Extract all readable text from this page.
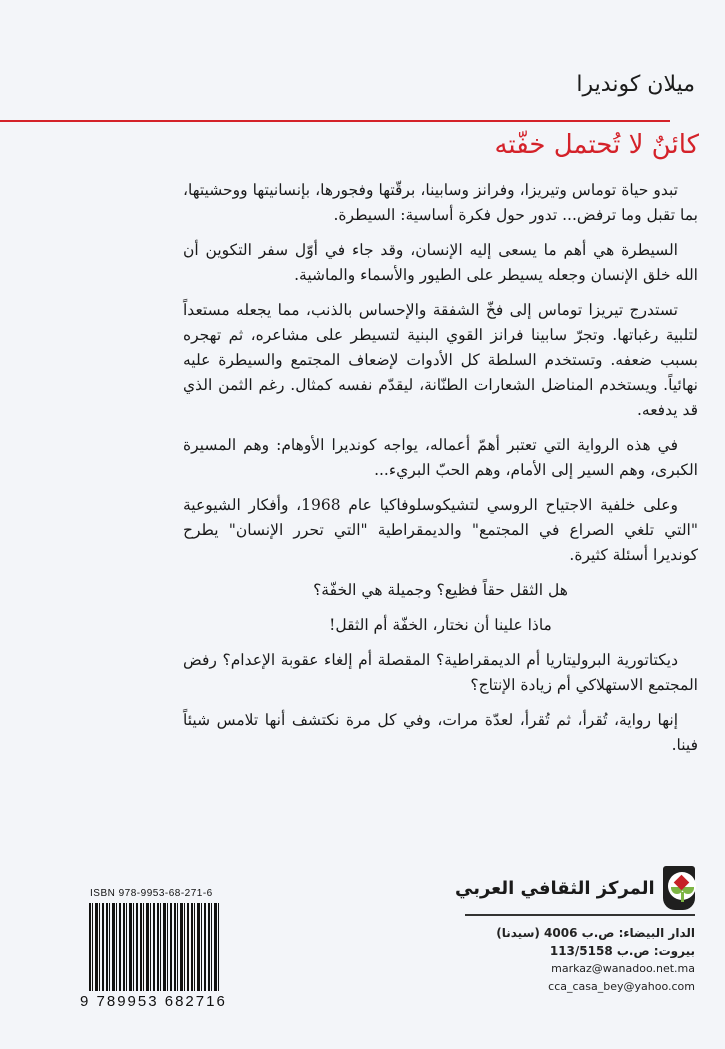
ميلان كونديرا
كائنٌ لا تُحتمل خفّته

تبدو حياة توماس وتيريزا، وفرانز وسابينا، برقّتها وفجورها، بإنسانيتها ووحشيتها، بما تقبل وما ترفض... تدور حول فكرة أساسية: السيطرة.

السيطرة هي أهم ما يسعى إليه الإنسان، وقد جاء في أوّل سفر التكوين أن الله خلق الإنسان وجعله يسيطر على الطيور والأسماء والماشية.

تستدرج تيريزا توماس إلى فخّ الشفقة والإحساس بالذنب، مما يجعله مستعداً لتلبية رغباتها. وتجرّ سابينا فرانز القوي البنية لتسيطر على مشاعره، ثم تهجره بسبب ضعفه. وتستخدم السلطة كل الأدوات لإضعاف المجتمع والسيطرة عليه نهائياً. ويستخدم المناضل الشعارات الطنّانة، ليقدّم نفسه كمثال. رغم الثمن الذي قد يدفعه.

في هذه الرواية التي تعتبر أهمّ أعماله، يواجه كونديرا الأوهام: وهم المسيرة الكبرى، وهم السير إلى الأمام، وهم الحبّ البريء...

وعلى خلفية الاجتياح الروسي لتشيكوسلوفاكيا عام 1968، وأفكار الشيوعية "التي تلغي الصراع في المجتمع" والديمقراطية "التي تحرر الإنسان" يطرح كونديرا أسئلة كثيرة.

هل الثقل حقاً فظيع؟ وجميلة هي الخفّة؟

ماذا علينا أن نختار، الخفّة أم الثقل!

ديكتاتورية البروليتاريا أم الديمقراطية؟ المقصلة أم إلغاء عقوبة الإعدام؟ رفض المجتمع الاستهلاكي أم زيادة الإنتاج؟

إنها رواية، تُقرأ، ثم تُقرأ، لعدّة مرات، وفي كل مرة نكتشف أنها تلامس شيئاً فينا.

المركز الثقافي العربي
الدار البيضاء: ص.ب 4006 (سيدنا)
بيروت: ص.ب 113/5158
markaz@wanadoo.net.ma
cca_casa_bey@yahoo.com
ISBN 978-9953-68-271-6
9 789953 682716
